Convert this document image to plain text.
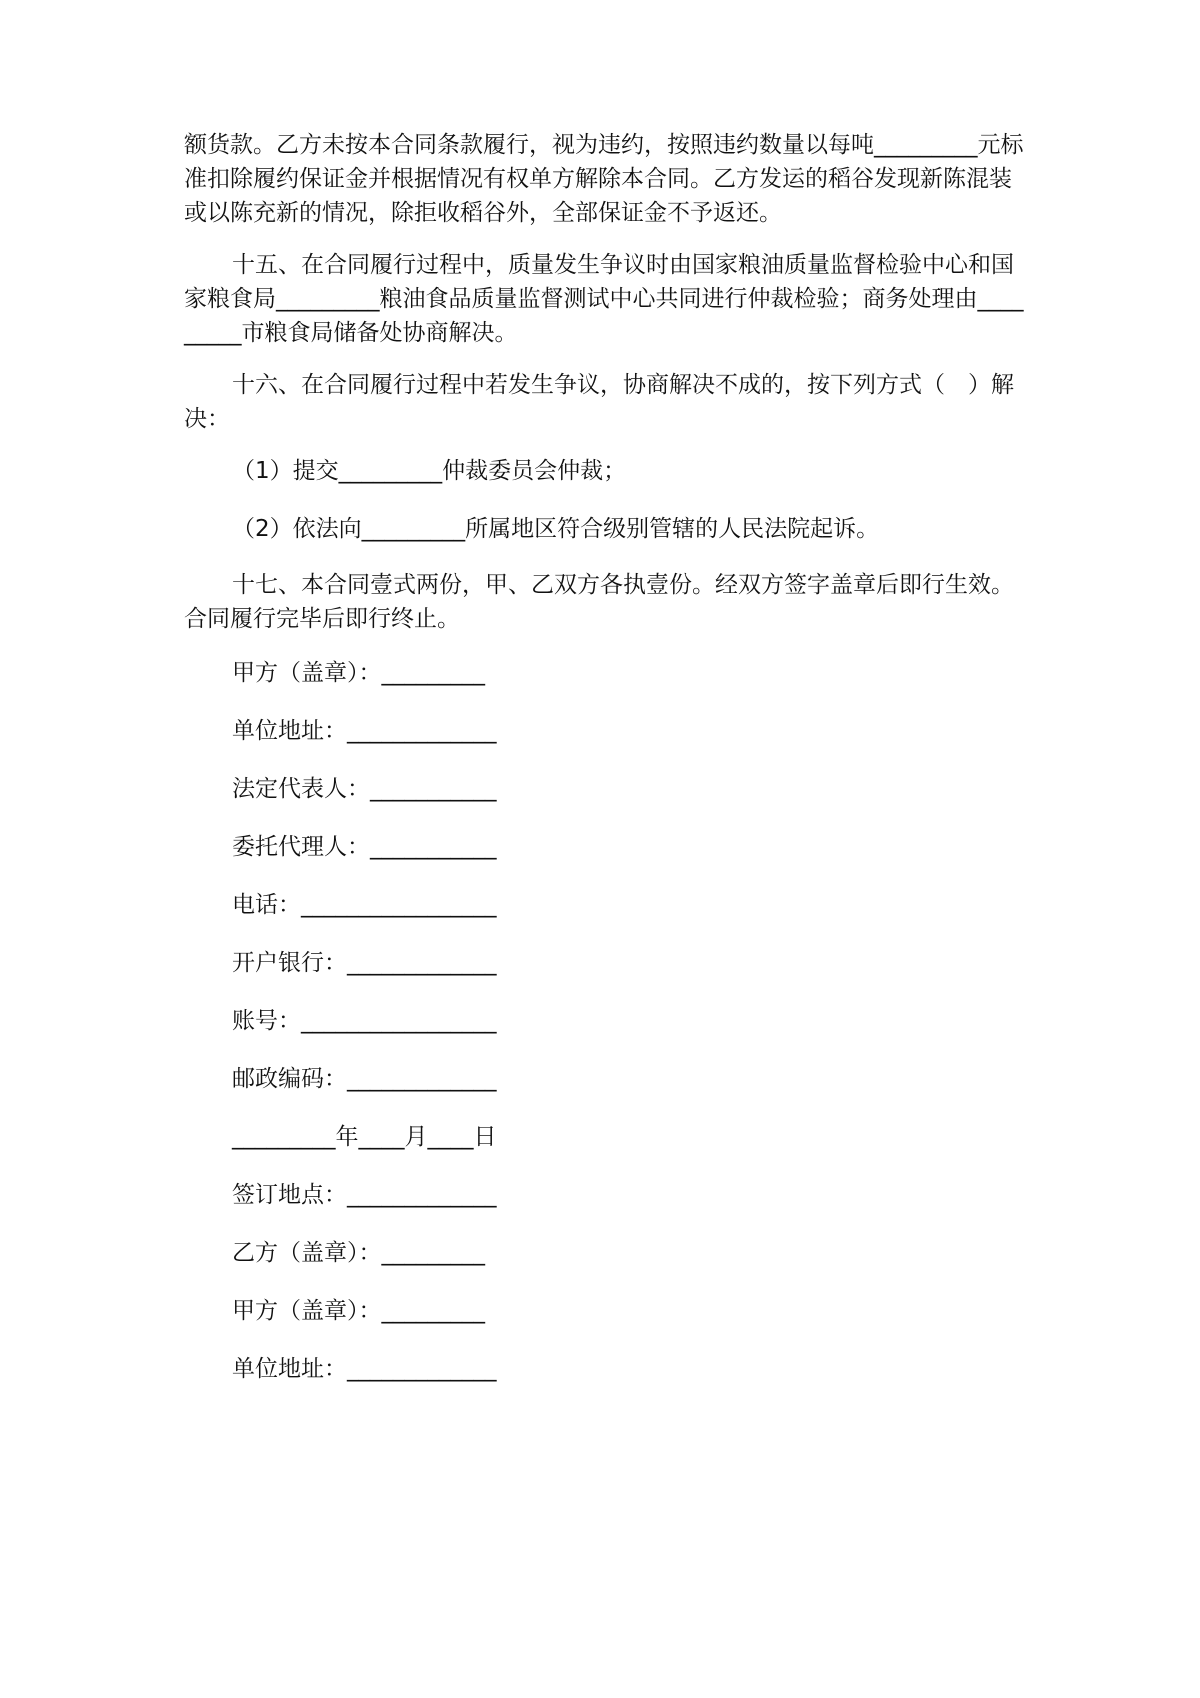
额货款。乙方未按本合同条款履行，视为违约，按照违约数量以每吨_________元标准扣除履约保证金并根据情况有权单方解除本合同。乙方发运的稻谷发现新陈混装或以陈充新的情况，除拒收稻谷外，全部保证金不予返还。

十五、在合同履行过程中，质量发生争议时由国家粮油质量监督检验中心和国家粮食局_________粮油食品质量监督测试中心共同进行仲裁检验；商务处理由_________市粮食局储备处协商解决。

十六、在合同履行过程中若发生争议，协商解决不成的，按下列方式（　）解决：

（1）提交_________仲裁委员会仲裁；

（2）依法向_________所属地区符合级别管辖的人民法院起诉。

十七、本合同壹式两份，甲、乙双方各执壹份。经双方签字盖章后即行生效。合同履行完毕后即行终止。

甲方（盖章）：_________

单位地址：_____________

法定代表人：___________

委托代理人：___________

电话：_________________

开户银行：_____________

账号：_________________

邮政编码：_____________

_________年____月____日

签订地点：_____________

乙方（盖章）：_________

甲方（盖章）：_________

单位地址：_____________
